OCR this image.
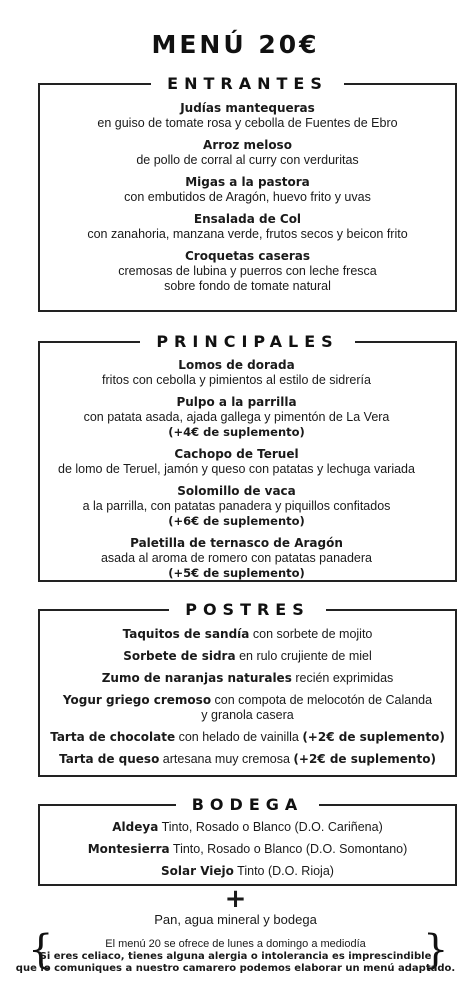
MENÚ 20€
ENTRANTES
Judías mantequeras
en guiso de tomate rosa y cebolla de Fuentes de Ebro
Arroz meloso
de pollo de corral al curry con verduritas
Migas a la pastora
con embutidos de Aragón, huevo frito y uvas
Ensalada de Col
con zanahoria, manzana verde, frutos secos y beicon frito
Croquetas caseras
cremosas de lubina y puerros con leche fresca
sobre fondo de tomate natural
PRINCIPALES
Lomos de dorada
fritos con cebolla y pimientos al estilo de sidrería
Pulpo a la parrilla
con patata asada, ajada gallega y pimentón de La Vera
(+4€ de suplemento)
Cachopo de Teruel
de lomo de Teruel, jamón y queso con patatas y lechuga variada
Solomillo de vaca
a la parrilla, con patatas panadera y piquillos confitados
(+6€ de suplemento)
Paletilla de ternasco de Aragón
asada al aroma de romero con patatas panadera
(+5€ de suplemento)
POSTRES
Taquitos de sandía con sorbete de mojito
Sorbete de sidra en rulo crujiente de miel
Zumo de naranjas naturales recién exprimidas
Yogur griego cremoso con compota de melocotón de Calanda
y granola casera
Tarta de chocolate con helado de vainilla (+2€ de suplemento)
Tarta de queso artesana muy cremosa (+2€ de suplemento)
BODEGA
Aldeya Tinto, Rosado o Blanco (D.O. Cariñena)
Montesierra Tinto, Rosado o Blanco (D.O. Somontano)
Solar Viejo Tinto (D.O. Rioja)
+
Pan, agua mineral y bodega
{	}
El menú 20 se ofrece de lunes a domingo a mediodía
Si eres celiaco, tienes alguna alergia o intolerancia es imprescindible
que lo comuniques a nuestro camarero podemos elaborar un menú adaptado.
